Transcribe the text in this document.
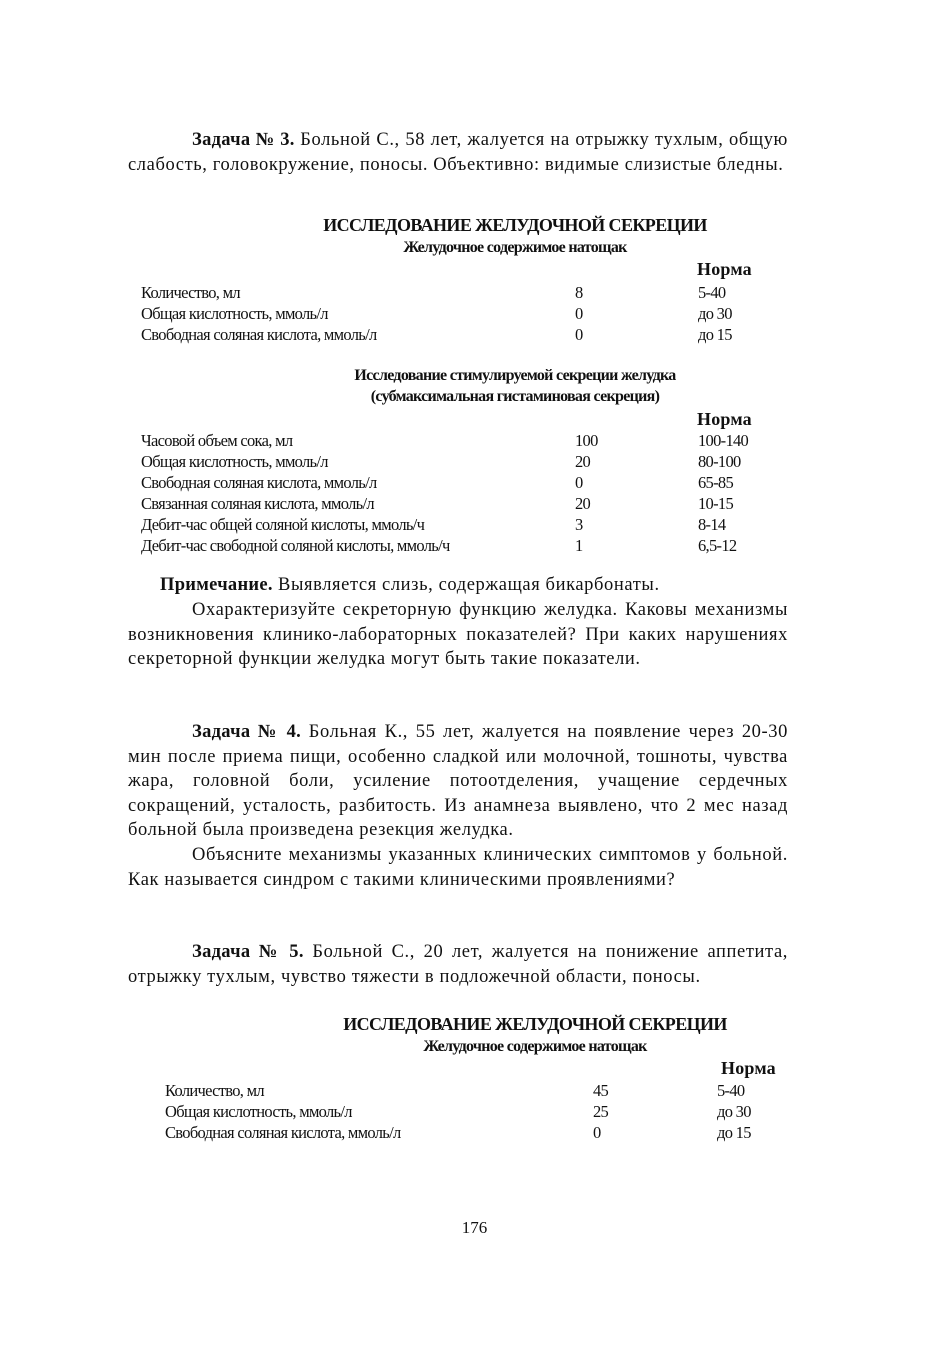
Задача № 3. Больной С., 58 лет, жалуется на отрыжку тухлым, общую слабость, головокружение, поносы. Объективно: видимые слизистые бледны.
ИССЛЕДОВАНИЕ ЖЕЛУДОЧНОЙ СЕКРЕЦИИ
Желудочное содержимое натощак
Норма
Количество, мл	8	5-40
Общая кислотность, ммоль/л	0	до 30
Свободная соляная кислота, ммоль/л	0	до 15
Исследование стимулируемой секреции желудка
(субмаксимальная гистаминовая секреция)
Норма
Часовой объем сока, мл	100	100-140
Общая кислотность, ммоль/л	20	80-100
Свободная соляная кислота, ммоль/л	0	65-85
Связанная соляная кислота, ммоль/л	20	10-15
Дебит-час общей соляной кислоты, ммоль/ч	3	8-14
Дебит-час свободной соляной кислоты, ммоль/ч	1	6,5-12
Примечание. Выявляется слизь, содержащая бикарбонаты.
Охарактеризуйте секреторную функцию желудка. Каковы механизмы возникновения клинико-лабораторных показателей? При каких нарушениях секреторной функции желудка могут быть такие показатели.
Задача № 4. Больная К., 55 лет, жалуется на появление через 20-30 мин после приема пищи, особенно сладкой или молочной, тошноты, чувства жара, головной боли, усиление потоотделения, учащение сердечных сокращений, усталость, разбитость. Из анамнеза выявлено, что 2 мес назад больной была произведена резекция желудка.
Объясните механизмы указанных клинических симптомов у больной. Как называется синдром с такими клиническими проявлениями?
Задача № 5. Больной С., 20 лет, жалуется на понижение аппетита, отрыжку тухлым, чувство тяжести в подложечной области, поносы.
ИССЛЕДОВАНИЕ ЖЕЛУДОЧНОЙ СЕКРЕЦИИ
Желудочное содержимое натощак
Норма
Количество, мл	45	5-40
Общая кислотность, ммоль/л	25	до 30
Свободная соляная кислота, ммоль/л	0	до 15
176
